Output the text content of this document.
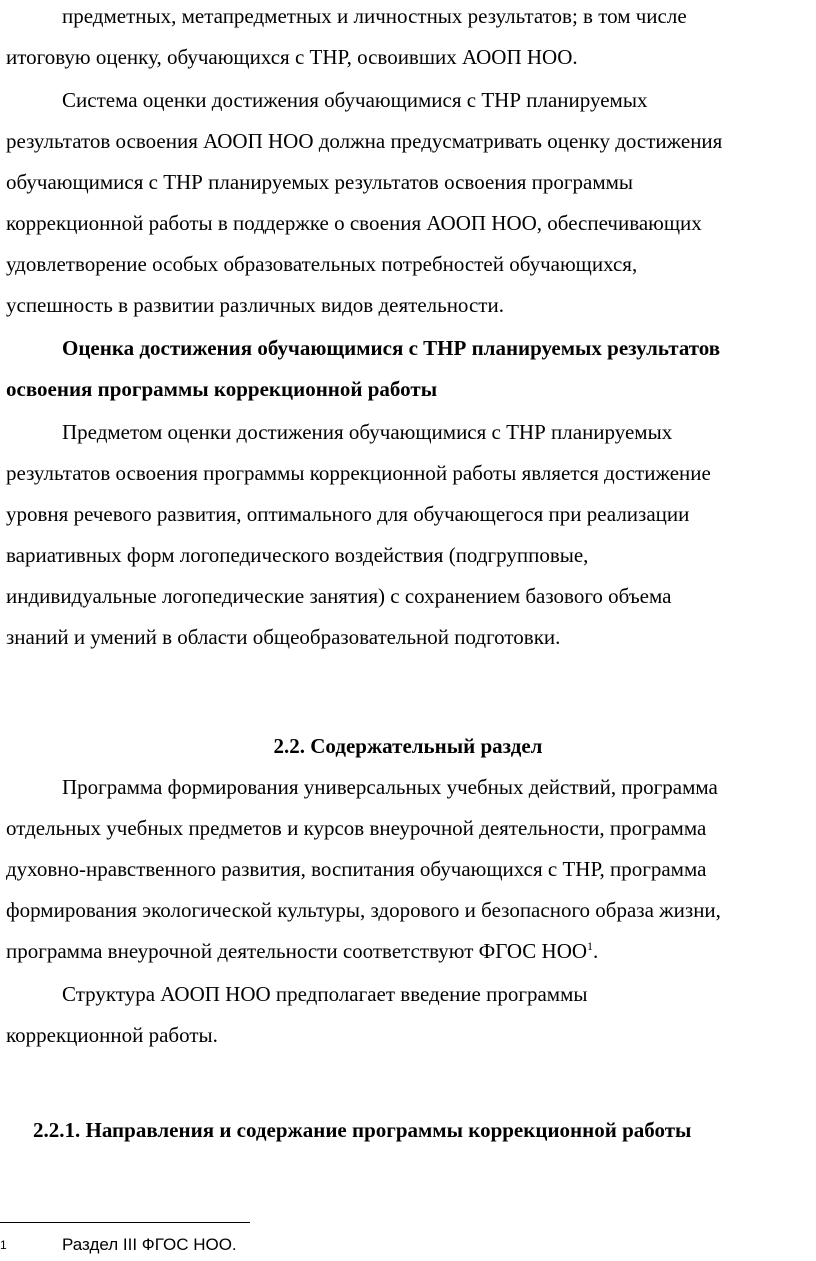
предметных, метапредметных и личностных результатов; в том числе
итоговую оценку, обучающихся с ТНР, освоивших АООП НОО.
Система оценки достижения обучающимися с ТНР планируемых
результатов освоения АООП НОО должна предусматривать оценку достижения
обучающимися с ТНР планируемых результатов освоения программы
коррекционной работы в поддержке о своения АООП НОО, обеспечивающих
удовлетворение особых образовательных потребностей обучающихся,
успешность в развитии различных видов деятельности.
Оценка достижения обучающимися с ТНР планируемых результатов
освоения программы коррекционной работы
Предметом оценки достижения обучающимися с ТНР планируемых
результатов освоения программы коррекционной работы является достижение
уровня речевого развития, оптимального для обучающегося при реализации
вариативных форм логопедического воздействия (подгрупповые,
индивидуальные логопедические занятия) с сохранением базового объема
знаний и умений в области общеобразовательной подготовки.
2.2. Содержательный раздел
Программа формирования универсальных учебных действий, программа
отдельных учебных предметов и курсов внеурочной деятельности, программа
духовно-нравственного развития, воспитания обучающихся с ТНР, программа
формирования экологической культуры, здорового и безопасного образа жизни,
программа внеурочной деятельности соответствуют ФГОС НОО$^1$.
Структура АООП НОО предполагает введение программы
коррекционной работы.
2.2.1. Направления и содержание программы коррекционной работы
1	Раздел III ФГОС НОО.
